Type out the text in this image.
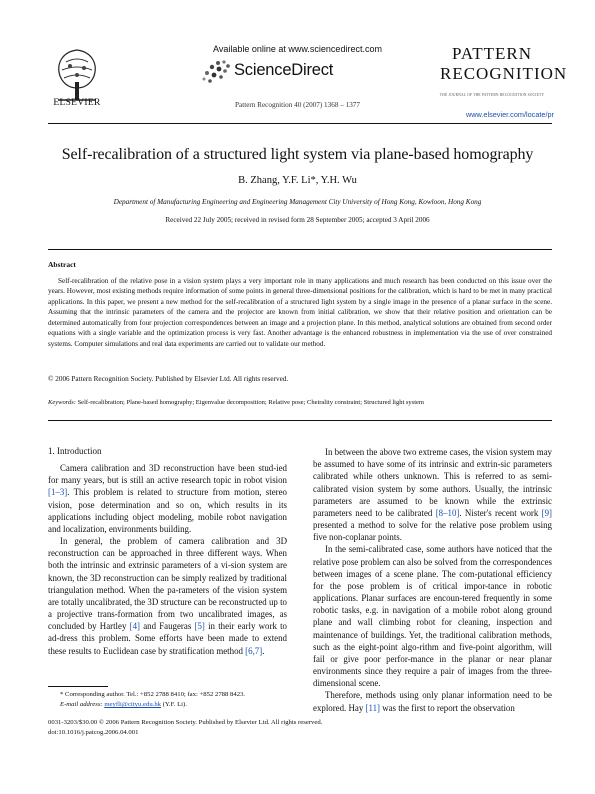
ELSEVIER
Available online at www.sciencedirect.com
ScienceDirect
Pattern Recognition 40 (2007) 1368 – 1377
PATTERN
RECOGNITION
THE JOURNAL OF THE PATTERN RECOGNITION SOCIETY
www.elsevier.com/locate/pr
Self-recalibration of a structured light system via plane-based homography
B. Zhang, Y.F. Li*, Y.H. Wu
Department of Manufacturing Engineering and Engineering Management City University of Hong Kong, Kowloon, Hong Kong
Received 22 July 2005; received in revised form 28 September 2005; accepted 3 April 2006
Abstract

Self-recalibration of the relative pose in a vision system plays a very important role in many applications and much research has been conducted on this issue over the years. However, most existing methods require information of some points in general three-dimensional positions for the calibration, which is hard to be met in many practical applications. In this paper, we present a new method for the self-recalibration of a structured light system by a single image in the presence of a planar surface in the scene. Assuming that the intrinsic parameters of the camera and the projector are known from initial calibration, we show that their relative position and orientation can be determined automatically from four projection correspondences between an image and a projection plane. In this method, analytical solutions are obtained from second order equations with a single variable and the optimization process is very fast. Another advantage is the enhanced robustness in implementation via the use of over constrained systems. Computer simulations and real data experiments are carried out to validate our method.

© 2006 Pattern Recognition Society. Published by Elsevier Ltd. All rights reserved.
Keywords: Self-recalibration; Plane-based homography; Eigenvalue decomposition; Relative pose; Cheirality constraint; Structured light system
1. Introduction

Camera calibration and 3D reconstruction have been stud-ied for many years, but is still an active research topic in robot vision [1–3]. This problem is related to structure from motion, stereo vision, pose determination and so on, which results in its applications including object modeling, mobile robot navigation and localization, environments building.

In general, the problem of camera calibration and 3D reconstruction can be approached in three different ways. When both the intrinsic and extrinsic parameters of a vi-sion system are known, the 3D reconstruction can be simply realized by traditional triangulation method. When the pa-rameters of the vision system are totally uncalibrated, the 3D structure can be reconstructed up to a projective trans-formation from two uncalibrated images, as concluded by Hartley [4] and Faugeras [5] in their early work to ad-dress this problem. Some efforts have been made to extend these results to Euclidean case by stratification method [6,7].

In between the above two extreme cases, the vision system may be assumed to have some of its intrinsic and extrin-sic parameters calibrated while others unknown. This is referred to as semi-calibrated vision system by some authors. Usually, the intrinsic parameters are assumed to be known while the extrinsic parameters need to be calibrated [8–10]. Nister's recent work [9] presented a method to solve for the relative pose problem using five non-coplanar points.

In the semi-calibrated case, some authors have noticed that the relative pose problem can also be solved from the correspondences between images of a scene plane. The com-putational efficiency for the pose problem is of critical impor-tance in robotic applications. Planar surfaces are encoun-tered frequently in some robotic tasks, e.g. in navigation of a mobile robot along ground plane and wall climbing robot for cleaning, inspection and maintenance of buildings. Yet, the traditional calibration methods, such as the eight-point algo-rithm and five-point algorithm, will fail or give poor perfor-mance in the planar or near planar environments since they require a pair of images from the three-dimensional scene.

Therefore, methods using only planar information need to be explored. Hay [11] was the first to report the observation

* Corresponding author. Tel.: +852 2788 8410; fax: +852 2788 8423.
E-mail address: meyfli@cityu.edu.hk (Y.F. Li).
0031-3203/$30.00 © 2006 Pattern Recognition Society. Published by Elsevier Ltd. All rights reserved.
doi:10.1016/j.patcog.2006.04.001
